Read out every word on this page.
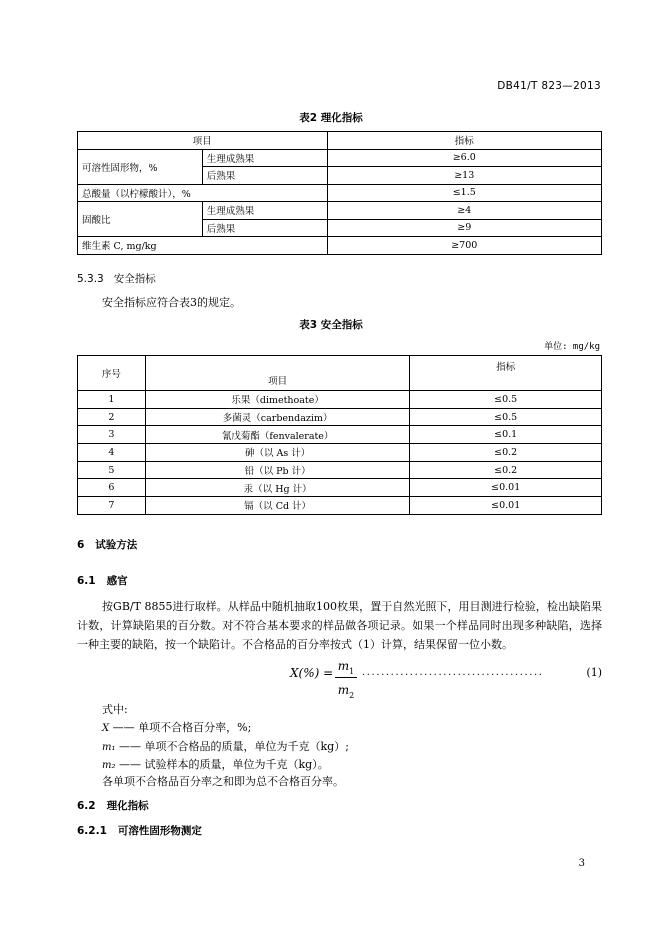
DB41/T 823—2013
表2 理化指标
项目		指标
可溶性固形物，%	生理成熟果	≥6.0
	后熟果	≥13
总酸量（以柠檬酸计），%		≤1.5
固酸比	生理成熟果	≥4
	后熟果	≥9
维生素 C, mg/kg		≥700
5.3.3 安全指标
安全指标应符合表3的规定。
表3 安全指标
单位: mg/kg
序号	项目	指标
1	乐果（dimethoate）	≤0.5
2	多菌灵（carbendazim）	≤0.5
3	氰戊菊酯（fenvalerate）	≤0.1
4	砷（以 As 计）	≤0.2
5	铅（以 Pb 计）	≤0.2
6	汞（以 Hg 计）	≤0.01
7	镉（以 Cd 计）	≤0.01
6 试验方法
6.1 感官
按GB/T 8855进行取样。从样品中随机抽取100枚果，置于自然光照下，用目测进行检验，检出缺陷果计数，计算缺陷果的百分数。对不符合基本要求的样品做各项记录。如果一个样品同时出现多种缺陷，选择一种主要的缺陷，按一个缺陷计。不合格品的百分率按式（1）计算，结果保留一位小数。
$X(\%) = m_1$
$m_2$
......................................	(1)
式中:
X —— 单项不合格百分率，%;
m₁ —— 单项不合格品的质量，单位为千克（kg）;
m₂ —— 试验样本的质量，单位为千克（kg）。
各单项不合格品百分率之和即为总不合格百分率。
6.2 理化指标
6.2.1 可溶性固形物测定
3
